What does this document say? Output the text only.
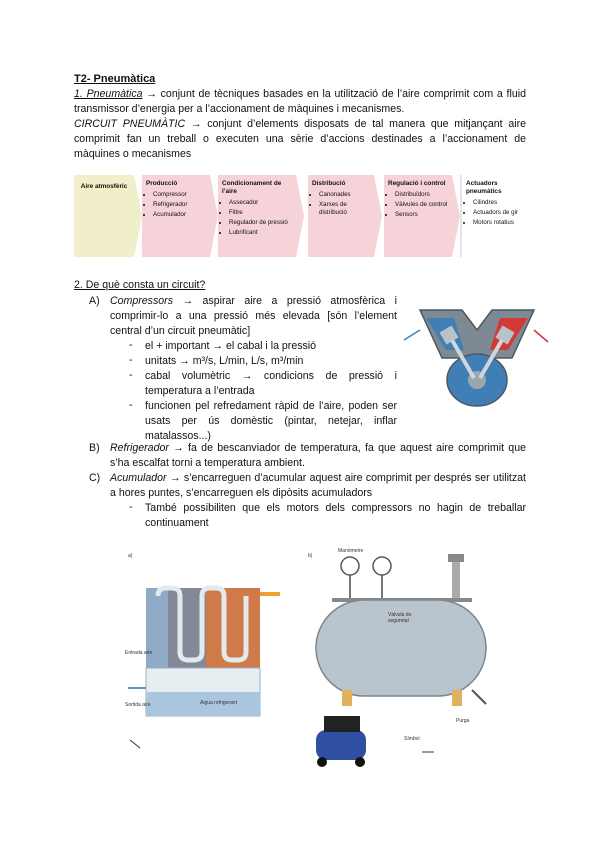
T2- Pneumàtica
1. Pneumàtica → conjunt de tècniques basades en la utilització de l’aire comprimit com a fluid transmissor d’energia per a l’accionament de màquines i mecanismes.
CIRCUIT PNEUMÀTIC → conjunt d’elements disposats de tal manera que mitjançant aire comprimit fan un treball o executen una sèrie d’accions destinades a l’accionament de màquines o mecanismes
Aire atmosfèric	Producció
• Compressor
• Refrigerador
• Acumulador
Condicionament de l’aire
• Assecador
• Filtre
• Regulador de pressió
• Lubrificant
Distribució
• Canonades
• Xarxes de distribució
Regulació i control
• Distribuïdors
• Vàlvules de control
• Sensors
Actuadors pneumàtics
• Cilindres
• Actuadors de gir
• Motors rotatius
2. De què consta un circuit?
A) Compressors → aspirar aire a pressió atmosfèrica i comprimir-lo a una pressió més elevada [són l’element central d’un circuit pneumàtic]
- el + important → el cabal i la pressió
- unitats → m³/s, L/min, L/s, m³/min
- cabal volumètric → condicions de pressió i temperatura a l’entrada
- funcionen pel refredament ràpid de l’aire, poden ser usats per ús domèstic (pintar, netejar, inflar matalassos...)
B) Refrigerador → fa de bescanviador de temperatura, fa que aquest aire comprimit que s’ha escalfat torni a temperatura ambient.
C) Acumulador → s’encarreguen d’acumular aquest aire comprimit per després ser utilitzat a hores puntes, s’encarreguen els dipòsits acumuladors
- També possibiliten que els motors dels compressors no hagin de treballar continuament
a)
Entrada aire
Sortida aire	Aigua refrigerant
b)
Manòmetre
Vàlvula de seguretat
Purga
Símbol
